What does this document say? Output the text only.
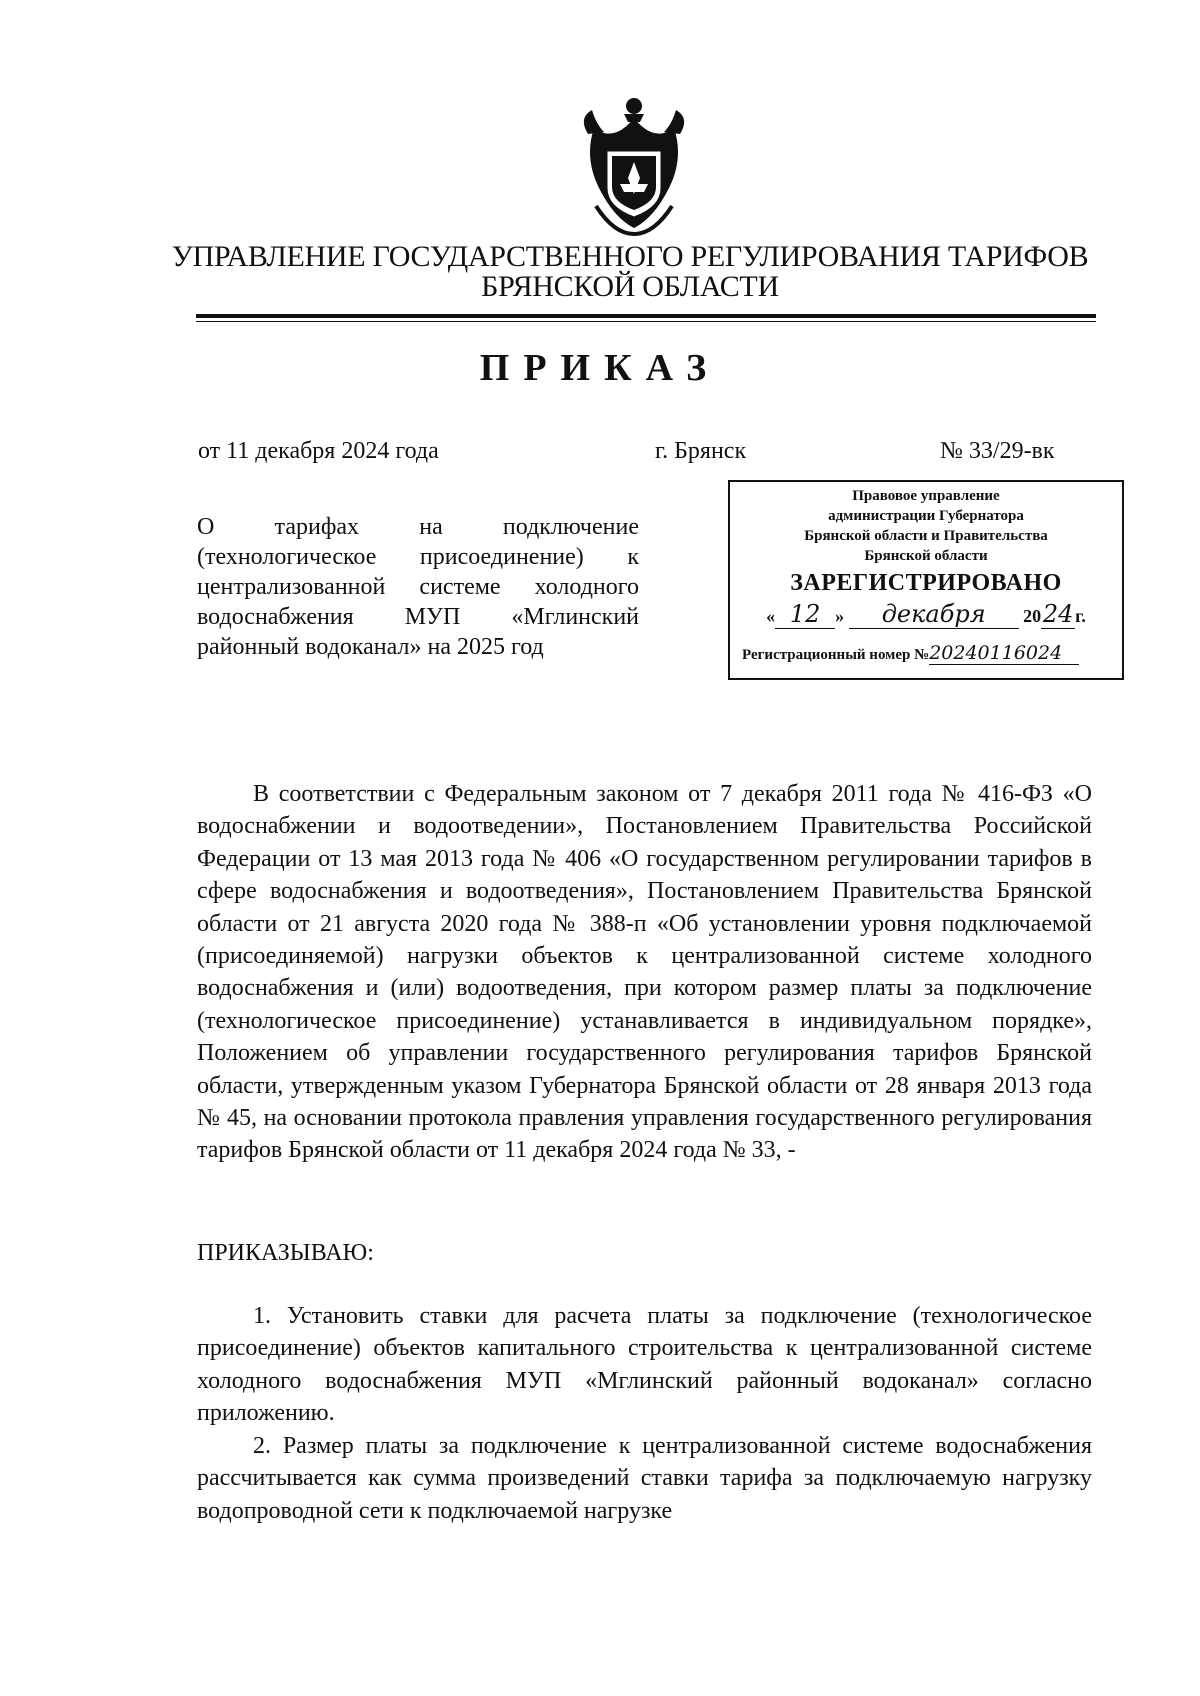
УПРАВЛЕНИЕ ГОСУДАРСТВЕННОГО РЕГУЛИРОВАНИЯ ТАРИФОВ
БРЯНСКОЙ ОБЛАСТИ
ПРИКАЗ
от 11 декабря 2024 года	г. Брянск	№ 33/29-вк
О тарифах на подключение
(технологическое присоединение) к
централизованной системе холодного
водоснабжения МУП «Мглинский
районный водоканал» на 2025 год
Правовое управление
администрации Губернатора
Брянской области и Правительства
Брянской области
ЗАРЕГИСТРИРОВАНО
« 12 » декабря 2024г.
Регистрационный номер №20240116024
В соответствии с Федеральным законом от 7 декабря 2011 года № 416-ФЗ «О водоснабжении и водоотведении», Постановлением Правительства Российской Федерации от 13 мая 2013 года № 406 «О государственном регулировании тарифов в сфере водоснабжения и водоотведения», Постановлением Правительства Брянской области от 21 августа 2020 года № 388-п «Об установлении уровня подключаемой (присоединяемой) нагрузки объектов к централизованной системе холодного водоснабжения и (или) водоотведения, при котором размер платы за подключение (технологическое присоединение) устанавливается в индивидуальном порядке», Положением об управлении государственного регулирования тарифов Брянской области, утвержденным указом Губернатора Брянской области от 28 января 2013 года № 45, на основании протокола правления управления государственного регулирования тарифов Брянской области от 11 декабря 2024 года № 33, -
ПРИКАЗЫВАЮ:
1. Установить ставки для расчета платы за подключение (технологическое присоединение) объектов капитального строительства к централизованной системе холодного водоснабжения МУП «Мглинский районный водоканал» согласно приложению.
2. Размер платы за подключение к централизованной системе водоснабжения рассчитывается как сумма произведений ставки тарифа за подключаемую нагрузку водопроводной сети к подключаемой нагрузке
